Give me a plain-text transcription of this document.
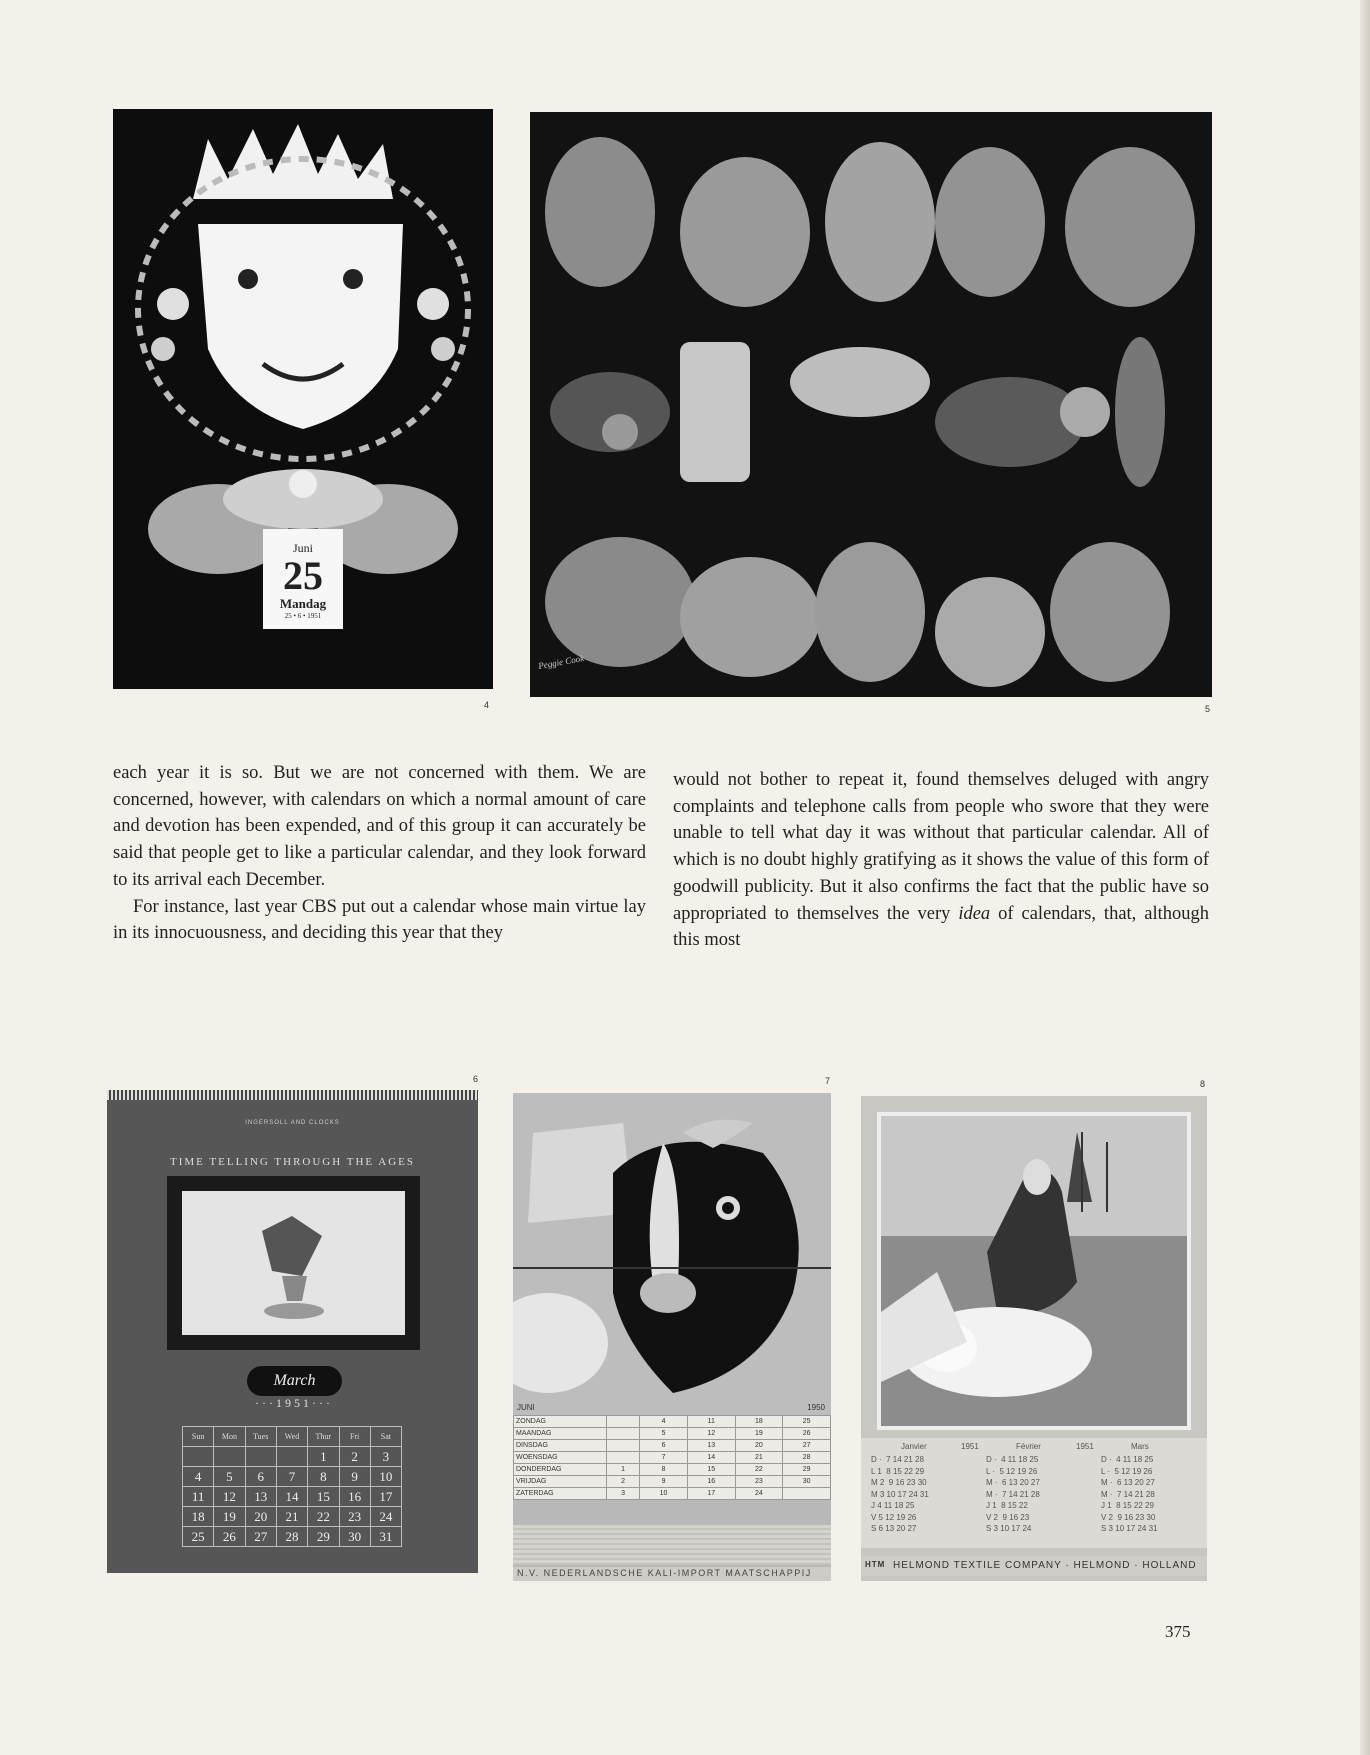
Juni
25
Mandag
25 • 6 • 1951
4
Peggie Cook
5

each year it is so. But we are not concerned with them. We are concerned, however, with calendars on which a normal amount of care and devotion has been expended, and of this group it can accurately be said that people get to like a particular calendar, and they look forward to its arrival each December.

For instance, last year CBS put out a calendar whose main virtue lay in its innocuousness, and deciding this year that they

would not bother to repeat it, found themselves deluged with angry complaints and telephone calls from people who swore that they were unable to tell what day it was without that particular calendar. All of which is no doubt highly gratifying as it shows the value of this form of goodwill publicity. But it also confirms the fact that the public have so appropriated to themselves the very idea of calendars, that, although this most

6
INGERSOLL AND CLOCKS
TIME TELLING THROUGH THE AGES
March
· · · 1 9 5 1 · · ·
Sun	Mon	Tues	Wed	Thur	Fri	Sat
				1	2	3
4	5	6	7	8	9	10
11	12	13	14	15	16	17
18	19	20	21	22	23	24
25	26	27	28	29	30	31
7
JUNI	1950
ZONDAG		4	11	18	25
MAANDAG		5	12	19	26
DINSDAG		6	13	20	27
WOENSDAG		7	14	21	28
DONDERDAG	1	8	15	22	29
VRIJDAG	2	9	16	23	30
ZATERDAG	3	10	17	24	
N.V. NEDERLANDSCHE KALI-IMPORT MAATSCHAPPIJ
8
Janvier	1951	Février	1951	Mars
D ·  7 14 21 28
L 1  8 15 22 29
M 2  9 16 23 30
M 3 10 17 24 31
J 4 11 18 25
V 5 12 19 26
S 6 13 20 27
D ·  4 11 18 25
L ·  5 12 19 26
M ·  6 13 20 27
M ·  7 14 21 28
J 1  8 15 22
V 2  9 16 23
S 3 10 17 24
D ·  4 11 18 25
L ·  5 12 19 26
M ·  6 13 20 27
M ·  7 14 21 28
J 1  8 15 22 29
V 2  9 16 23 30
S 3 10 17 24 31
HTM HELMOND TEXTILE COMPANY · HELMOND · HOLLAND
375
